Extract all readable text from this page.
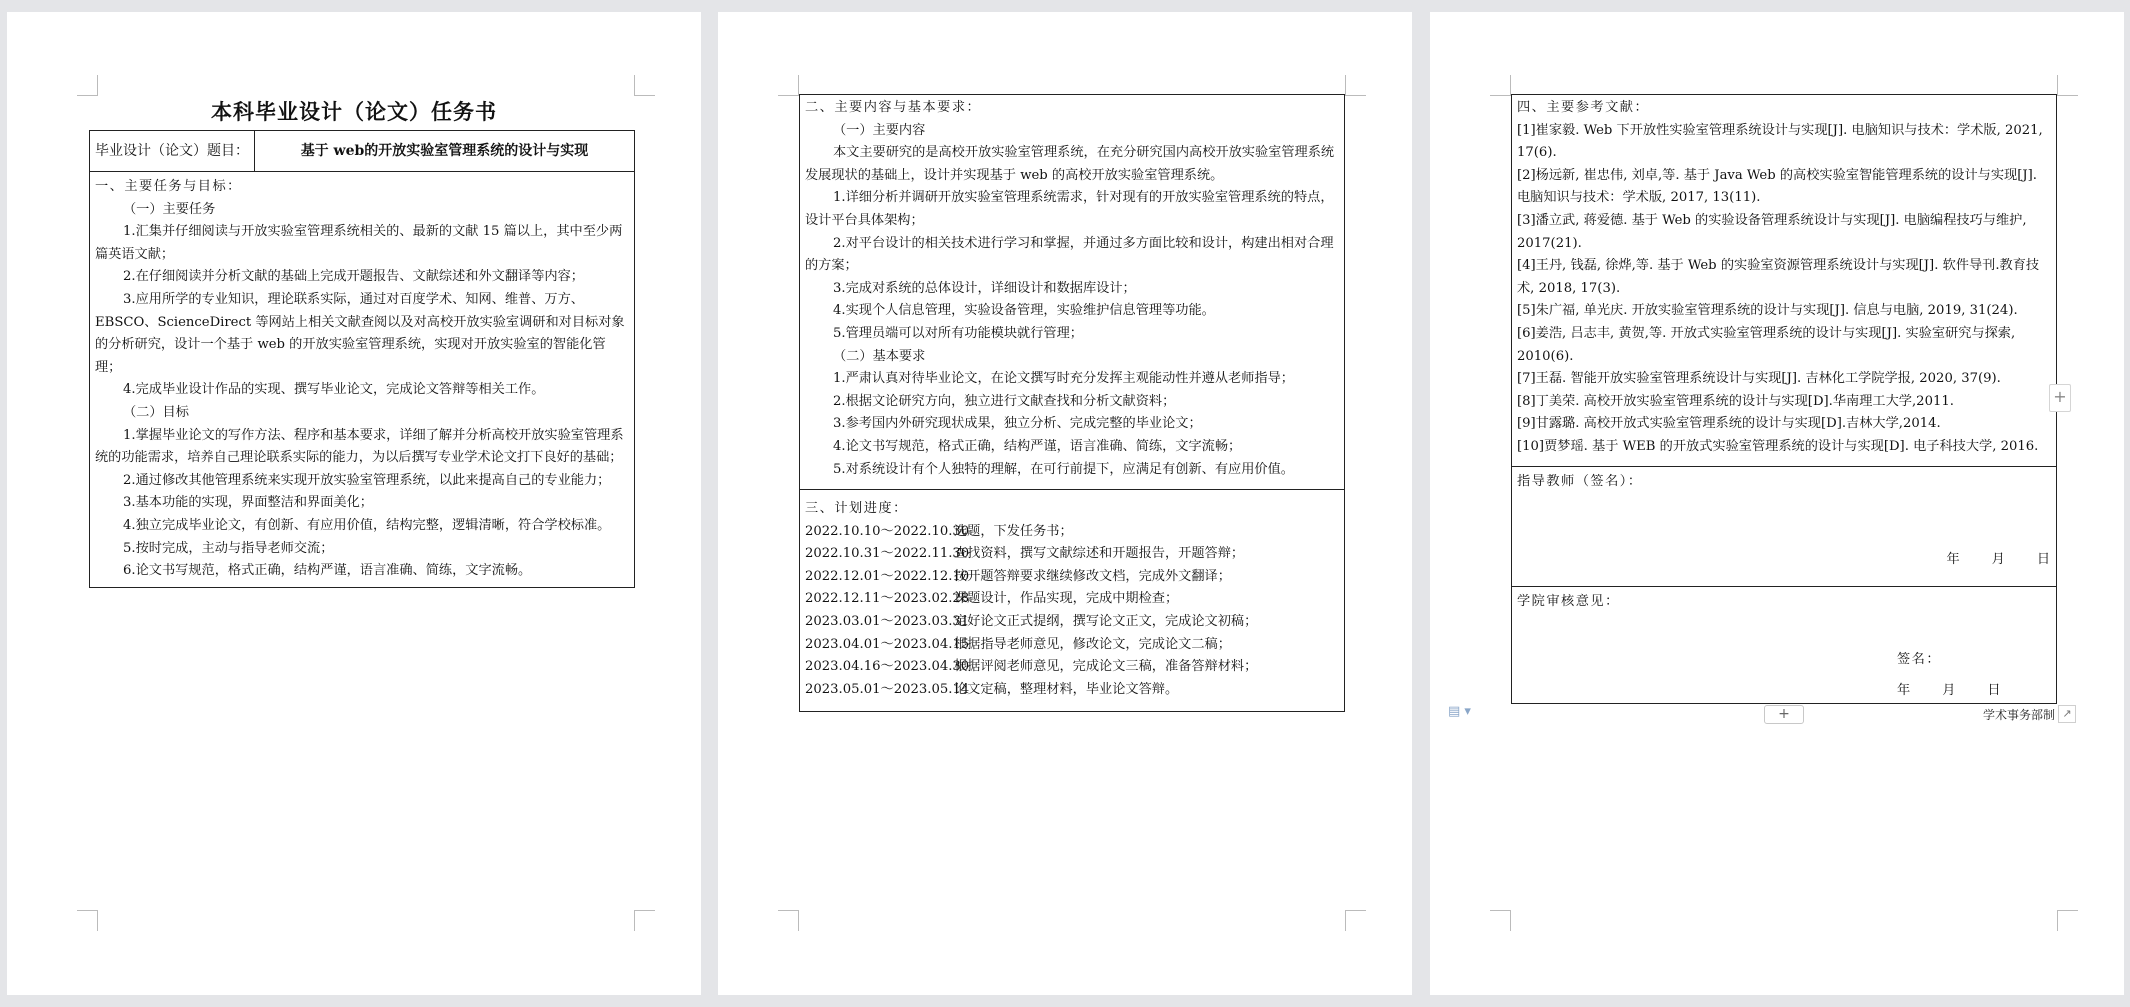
本科毕业设计（论文）任务书
毕业设计（论文）题目：	基于 web的开放实验室管理系统的设计与实现

一、主要任务与目标：

（一）主要任务

1.汇集并仔细阅读与开放实验室管理系统相关的、最新的文献 15 篇以上，其中至少两篇英语文献；

2.在仔细阅读并分析文献的基础上完成开题报告、文献综述和外文翻译等内容；

3.应用所学的专业知识，理论联系实际，通过对百度学术、知网、维普、万方、EBSCO、ScienceDirect 等网站上相关文献查阅以及对高校开放实验室调研和对目标对象的分析研究，设计一个基于 web 的开放实验室管理系统，实现对开放实验室的智能化管理；

4.完成毕业设计作品的实现、撰写毕业论文，完成论文答辩等相关工作。

（二）目标

1.掌握毕业论文的写作方法、程序和基本要求，详细了解并分析高校开放实验室管理系统的功能需求，培养自己理论联系实际的能力，为以后撰写专业学术论文打下良好的基础；

2.通过修改其他管理系统来实现开放实验室管理系统，以此来提高自己的专业能力；

3.基本功能的实现，界面整洁和界面美化；

4.独立完成毕业论文，有创新、有应用价值，结构完整，逻辑清晰，符合学校标准。

5.按时完成，主动与指导老师交流；

6.论文书写规范，格式正确，结构严谨，语言准确、简练，文字流畅。

二、主要内容与基本要求：

（一）主要内容

本文主要研究的是高校开放实验室管理系统，在充分研究国内高校开放实验室管理系统发展现状的基础上，设计并实现基于 web 的高校开放实验室管理系统。

1.详细分析并调研开放实验室管理系统需求，针对现有的开放实验室管理系统的特点，设计平台具体架构；

2.对平台设计的相关技术进行学习和掌握，并通过多方面比较和设计，构建出相对合理的方案；

3.完成对系统的总体设计，详细设计和数据库设计；

4.实现个人信息管理，实验设备管理，实验维护信息管理等功能。

5.管理员端可以对所有功能模块就行管理；

（二）基本要求

1.严肃认真对待毕业论文，在论文撰写时充分发挥主观能动性并遵从老师指导；

2.根据文论研究方向，独立进行文献查找和分析文献资料；

3.参考国内外研究现状成果，独立分析、完成完整的毕业论文；

4.论文书写规范，格式正确，结构严谨，语言准确、简练，文字流畅；

5.对系统设计有个人独特的理解，在可行前提下，应满足有创新、有应用价值。

三、计划进度：

2022.10.10～2022.10.30
选题，下发任务书；
2022.10.31～2022.11.30
查找资料，撰写文献综述和开题报告，开题答辩；
2022.12.01～2022.12.10
按开题答辩要求继续修改文档，完成外文翻译；
2022.12.11～2023.02.28
课题设计，作品实现，完成中期检查；
2023.03.01～2023.03.31
定好论文正式提纲，撰写论文正文，完成论文初稿；
2023.04.01～2023.04.15
根据指导老师意见，修改论文，完成论文二稿；
2023.04.16～2023.04.30
根据评阅老师意见，完成论文三稿，准备答辩材料；
2023.05.01～2023.05.14
论文定稿，整理材料，毕业论文答辩。

四、主要参考文献：

[1]崔家毅. Web 下开放性实验室管理系统设计与实现[J]. 电脑知识与技术：学术版, 2021, 17(6).

[2]杨远新, 崔忠伟, 刘卓,等. 基于 Java Web 的高校实验室智能管理系统的设计与实现[J]. 电脑知识与技术：学术版, 2017, 13(11).

[3]潘立武, 蒋爱德. 基于 Web 的实验设备管理系统设计与实现[J]. 电脑编程技巧与维护, 2017(21).

[4]王丹, 钱磊, 徐烨,等. 基于 Web 的实验室资源管理系统设计与实现[J]. 软件导刊.教育技术, 2018, 17(3).

[5]朱广福, 单光庆. 开放实验室管理系统的设计与实现[J]. 信息与电脑, 2019, 31(24).

[6]姜浩, 吕志丰, 黄贺,等. 开放式实验室管理系统的设计与实现[J]. 实验室研究与探索, 2010(6).

[7]王磊. 智能开放实验室管理系统设计与实现[J]. 吉林化工学院学报, 2020, 37(9).

[8]丁美荣. 高校开放实验室管理系统的设计与实现[D].华南理工大学,2011.

[9]甘露璐. 高校开放式实验室管理系统的设计与实现[D].吉林大学,2014.

[10]贾梦瑶. 基于 WEB 的开放式实验室管理系统的设计与实现[D]. 电子科技大学, 2016.

指导教师（签名）：

年 月 日

学院审核意见：

签名：

年 月 日

+
▤ ▾	+	学术事务部制 ↗
